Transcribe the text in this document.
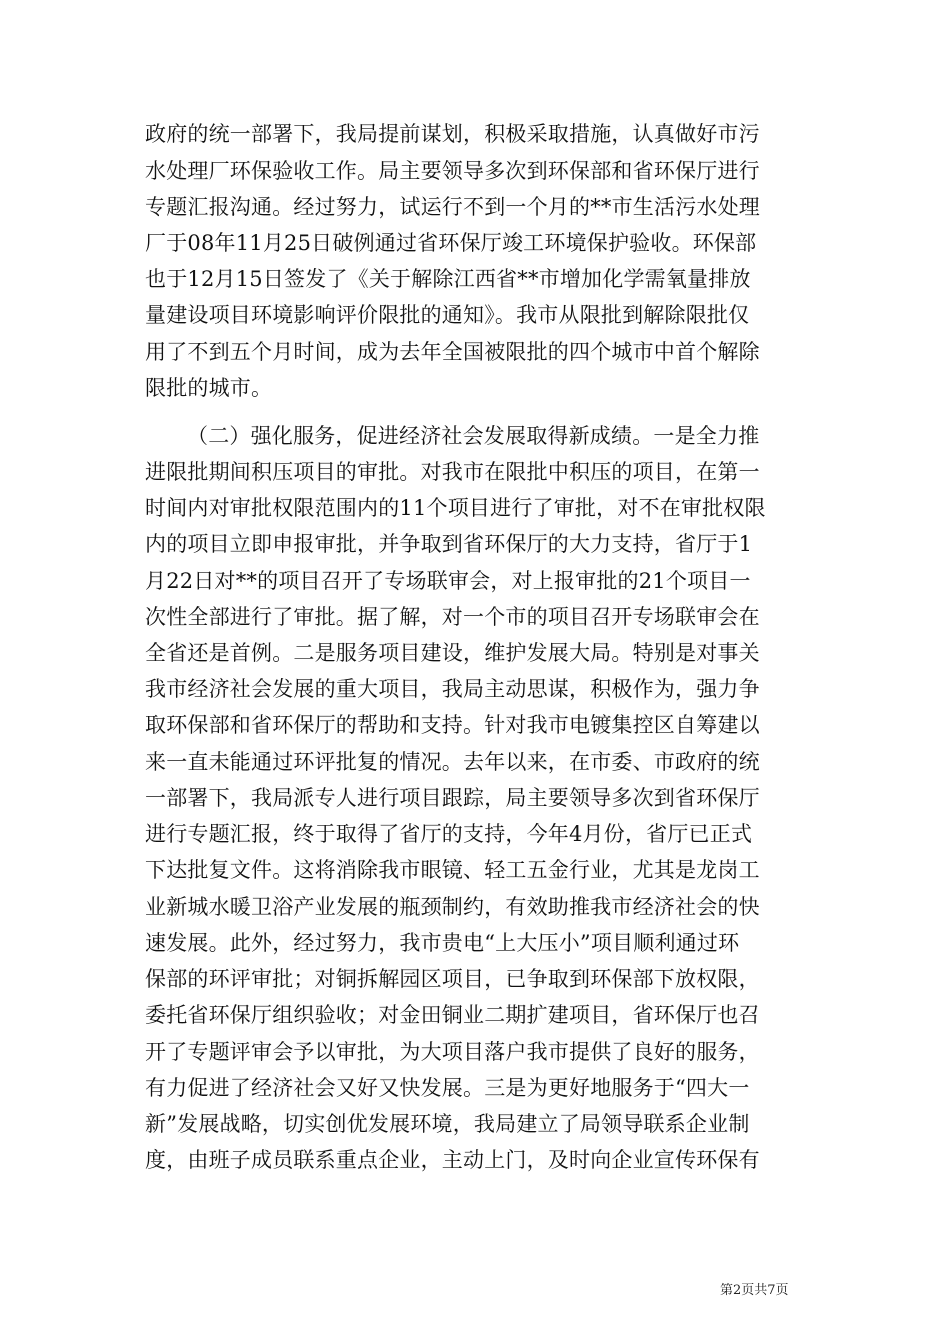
政府的统一部署下，我局提前谋划，积极采取措施，认真做好市污
水处理厂环保验收工作。局主要领导多次到环保部和省环保厅进行
专题汇报沟通。经过努力，试运行不到一个月的**市生活污水处理
厂于08年11月25日破例通过省环保厅竣工环境保护验收。环保部
也于12月15日签发了《关于解除江西省**市增加化学需氧量排放
量建设项目环境影响评价限批的通知》。我市从限批到解除限批仅
用了不到五个月时间，成为去年全国被限批的四个城市中首个解除
限批的城市。
（二）强化服务，促进经济社会发展取得新成绩。一是全力推
进限批期间积压项目的审批。对我市在限批中积压的项目，在第一
时间内对审批权限范围内的11个项目进行了审批，对不在审批权限
内的项目立即申报审批，并争取到省环保厅的大力支持，省厅于1
月22日对**的项目召开了专场联审会，对上报审批的21个项目一
次性全部进行了审批。据了解，对一个市的项目召开专场联审会在
全省还是首例。二是服务项目建设，维护发展大局。特别是对事关
我市经济社会发展的重大项目，我局主动思谋，积极作为，强力争
取环保部和省环保厅的帮助和支持。针对我市电镀集控区自筹建以
来一直未能通过环评批复的情况。去年以来，在市委、市政府的统
一部署下，我局派专人进行项目跟踪，局主要领导多次到省环保厅
进行专题汇报，终于取得了省厅的支持，今年4月份，省厅已正式
下达批复文件。这将消除我市眼镜、轻工五金行业，尤其是龙岗工
业新城水暖卫浴产业发展的瓶颈制约，有效助推我市经济社会的快
速发展。此外，经过努力，我市贵电“上大压小”项目顺利通过环
保部的环评审批；对铜拆解园区项目，已争取到环保部下放权限，
委托省环保厅组织验收；对金田铜业二期扩建项目，省环保厅也召
开了专题评审会予以审批，为大项目落户我市提供了良好的服务，
有力促进了经济社会又好又快发展。三是为更好地服务于“四大一
新”发展战略，切实创优发展环境，我局建立了局领导联系企业制
度，由班子成员联系重点企业，主动上门，及时向企业宣传环保有
第2页共7页
